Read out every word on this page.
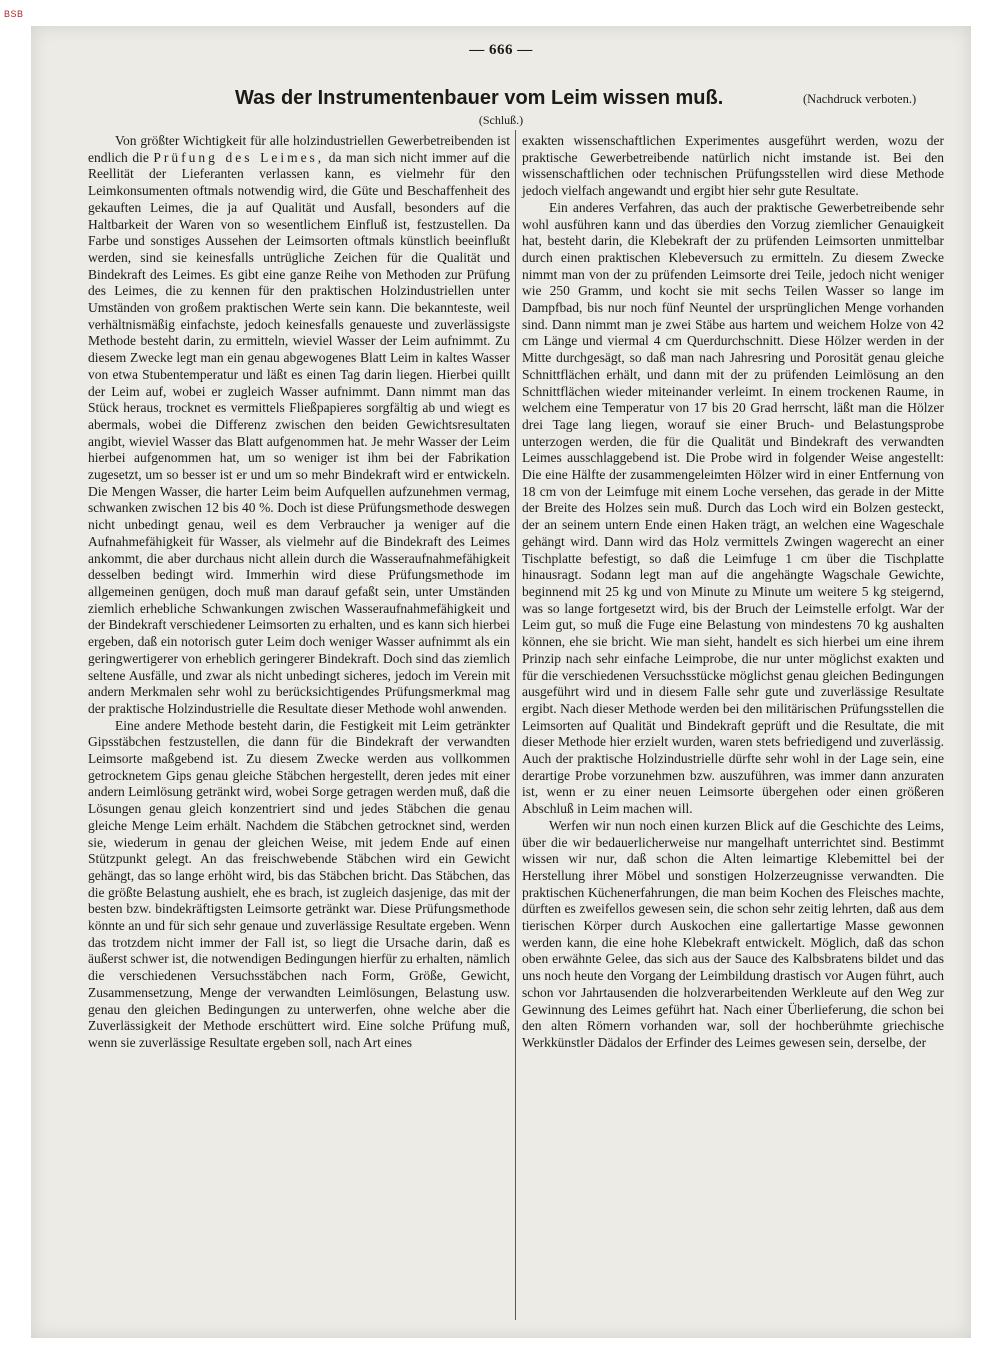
BSB
— 666 —
Was der Instrumentenbauer vom Leim wissen muß.	(Nachdruck verboten.)
(Schluß.)

Von größter Wichtigkeit für alle holzindustriellen Gewerbetreibenden ist endlich die Prüfung des Leimes, da man sich nicht immer auf die Reellität der Lieferanten verlassen kann, es vielmehr für den Leimkonsumenten oftmals notwendig wird, die Güte und Beschaffenheit des gekauften Leimes, die ja auf Qualität und Ausfall, besonders auf die Haltbarkeit der Waren von so wesentlichem Einfluß ist, festzustellen. Da Farbe und sonstiges Aussehen der Leimsorten oftmals künstlich beeinflußt werden, sind sie keinesfalls untrügliche Zeichen für die Qualität und Bindekraft des Leimes. Es gibt eine ganze Reihe von Methoden zur Prüfung des Leimes, die zu kennen für den praktischen Holzindustriellen unter Umständen von großem praktischen Werte sein kann. Die bekannteste, weil verhältnismäßig einfachste, jedoch keinesfalls genaueste und zuverlässigste Methode besteht darin, zu ermitteln, wieviel Wasser der Leim aufnimmt. Zu diesem Zwecke legt man ein genau abgewogenes Blatt Leim in kaltes Wasser von etwa Stubentemperatur und läßt es einen Tag darin liegen. Hierbei quillt der Leim auf, wobei er zugleich Wasser aufnimmt. Dann nimmt man das Stück heraus, trocknet es vermittels Fließpapieres sorgfältig ab und wiegt es abermals, wobei die Differenz zwischen den beiden Gewichtsresultaten angibt, wieviel Wasser das Blatt aufgenommen hat. Je mehr Wasser der Leim hierbei aufgenommen hat, um so weniger ist ihm bei der Fabrikation zugesetzt, um so besser ist er und um so mehr Bindekraft wird er entwickeln. Die Mengen Wasser, die harter Leim beim Aufquellen aufzunehmen vermag, schwanken zwischen 12 bis 40 %. Doch ist diese Prüfungsmethode deswegen nicht unbedingt genau, weil es dem Verbraucher ja weniger auf die Aufnahmefähigkeit für Wasser, als vielmehr auf die Bindekraft des Leimes ankommt, die aber durchaus nicht allein durch die Wasseraufnahmefähigkeit desselben bedingt wird. Immerhin wird diese Prüfungsmethode im allgemeinen genügen, doch muß man darauf gefaßt sein, unter Umständen ziemlich erhebliche Schwankungen zwischen Wasseraufnahmefähigkeit und der Bindekraft verschiedener Leimsorten zu erhalten, und es kann sich hierbei ergeben, daß ein notorisch guter Leim doch weniger Wasser aufnimmt als ein geringwertigerer von erheblich geringerer Bindekraft. Doch sind das ziemlich seltene Ausfälle, und zwar als nicht unbedingt sicheres, jedoch im Verein mit andern Merkmalen sehr wohl zu berücksichtigendes Prüfungsmerkmal mag der praktische Holzindustrielle die Resultate dieser Methode wohl anwenden.

Eine andere Methode besteht darin, die Festigkeit mit Leim getränkter Gipsstäbchen festzustellen, die dann für die Bindekraft der verwandten Leimsorte maßgebend ist. Zu diesem Zwecke werden aus vollkommen getrocknetem Gips genau gleiche Stäbchen hergestellt, deren jedes mit einer andern Leimlösung getränkt wird, wobei Sorge getragen werden muß, daß die Lösungen genau gleich konzentriert sind und jedes Stäbchen die genau gleiche Menge Leim erhält. Nachdem die Stäbchen getrocknet sind, werden sie, wiederum in genau der gleichen Weise, mit jedem Ende auf einen Stützpunkt gelegt. An das freischwebende Stäbchen wird ein Gewicht gehängt, das so lange erhöht wird, bis das Stäbchen bricht. Das Stäbchen, das die größte Belastung aushielt, ehe es brach, ist zugleich dasjenige, das mit der besten bzw. bindekräftigsten Leimsorte getränkt war. Diese Prüfungsmethode könnte an und für sich sehr genaue und zuverlässige Resultate ergeben. Wenn das trotzdem nicht immer der Fall ist, so liegt die Ursache darin, daß es äußerst schwer ist, die notwendigen Bedingungen hierfür zu erhalten, nämlich die verschiedenen Versuchsstäbchen nach Form, Größe, Gewicht, Zusammensetzung, Menge der verwandten Leimlösungen, Belastung usw. genau den gleichen Bedingungen zu unterwerfen, ohne welche aber die Zuverlässigkeit der Methode erschüttert wird. Eine solche Prüfung muß, wenn sie zuverlässige Resultate ergeben soll, nach Art eines

exakten wissenschaftlichen Experimentes ausgeführt werden, wozu der praktische Gewerbetreibende natürlich nicht imstande ist. Bei den wissenschaftlichen oder technischen Prüfungsstellen wird diese Methode jedoch vielfach angewandt und ergibt hier sehr gute Resultate.

Ein anderes Verfahren, das auch der praktische Gewerbetreibende sehr wohl ausführen kann und das überdies den Vorzug ziemlicher Genauigkeit hat, besteht darin, die Klebekraft der zu prüfenden Leimsorten unmittelbar durch einen praktischen Klebeversuch zu ermitteln. Zu diesem Zwecke nimmt man von der zu prüfenden Leimsorte drei Teile, jedoch nicht weniger wie 250 Gramm, und kocht sie mit sechs Teilen Wasser so lange im Dampfbad, bis nur noch fünf Neuntel der ursprünglichen Menge vorhanden sind. Dann nimmt man je zwei Stäbe aus hartem und weichem Holze von 42 cm Länge und viermal 4 cm Querdurchschnitt. Diese Hölzer werden in der Mitte durchgesägt, so daß man nach Jahresring und Porosität genau gleiche Schnittflächen erhält, und dann mit der zu prüfenden Leimlösung an den Schnittflächen wieder miteinander verleimt. In einem trockenen Raume, in welchem eine Temperatur von 17 bis 20 Grad herrscht, läßt man die Hölzer drei Tage lang liegen, worauf sie einer Bruch- und Belastungsprobe unterzogen werden, die für die Qualität und Bindekraft des verwandten Leimes ausschlaggebend ist. Die Probe wird in folgender Weise angestellt: Die eine Hälfte der zusammengeleimten Hölzer wird in einer Entfernung von 18 cm von der Leimfuge mit einem Loche versehen, das gerade in der Mitte der Breite des Holzes sein muß. Durch das Loch wird ein Bolzen gesteckt, der an seinem untern Ende einen Haken trägt, an welchen eine Wageschale gehängt wird. Dann wird das Holz vermittels Zwingen wagerecht an einer Tischplatte befestigt, so daß die Leimfuge 1 cm über die Tischplatte hinausragt. Sodann legt man auf die angehängte Wagschale Gewichte, beginnend mit 25 kg und von Minute zu Minute um weitere 5 kg steigernd, was so lange fortgesetzt wird, bis der Bruch der Leimstelle erfolgt. War der Leim gut, so muß die Fuge eine Belastung von mindestens 70 kg aushalten können, ehe sie bricht. Wie man sieht, handelt es sich hierbei um eine ihrem Prinzip nach sehr einfache Leimprobe, die nur unter möglichst exakten und für die verschiedenen Versuchsstücke möglichst genau gleichen Bedingungen ausgeführt wird und in diesem Falle sehr gute und zuverlässige Resultate ergibt. Nach dieser Methode werden bei den militärischen Prüfungsstellen die Leimsorten auf Qualität und Bindekraft geprüft und die Resultate, die mit dieser Methode hier erzielt wurden, waren stets befriedigend und zuverlässig. Auch der praktische Holzindustrielle dürfte sehr wohl in der Lage sein, eine derartige Probe vorzunehmen bzw. auszuführen, was immer dann anzuraten ist, wenn er zu einer neuen Leimsorte übergehen oder einen größeren Abschluß in Leim machen will.

Werfen wir nun noch einen kurzen Blick auf die Geschichte des Leims, über die wir bedauerlicherweise nur mangelhaft unterrichtet sind. Bestimmt wissen wir nur, daß schon die Alten leimartige Klebemittel bei der Herstellung ihrer Möbel und sonstigen Holzerzeugnisse verwandten. Die praktischen Küchenerfahrungen, die man beim Kochen des Fleisches machte, dürften es zweifellos gewesen sein, die schon sehr zeitig lehrten, daß aus dem tierischen Körper durch Auskochen eine gallertartige Masse gewonnen werden kann, die eine hohe Klebekraft entwickelt. Möglich, daß das schon oben erwähnte Gelee, das sich aus der Sauce des Kalbsbratens bildet und das uns noch heute den Vorgang der Leimbildung drastisch vor Augen führt, auch schon vor Jahrtausenden die holzverarbeitenden Werkleute auf den Weg zur Gewinnung des Leimes geführt hat. Nach einer Überlieferung, die schon bei den alten Römern vorhanden war, soll der hochberühmte griechische Werkkünstler Dädalos der Erfinder des Leimes gewesen sein, derselbe, der
